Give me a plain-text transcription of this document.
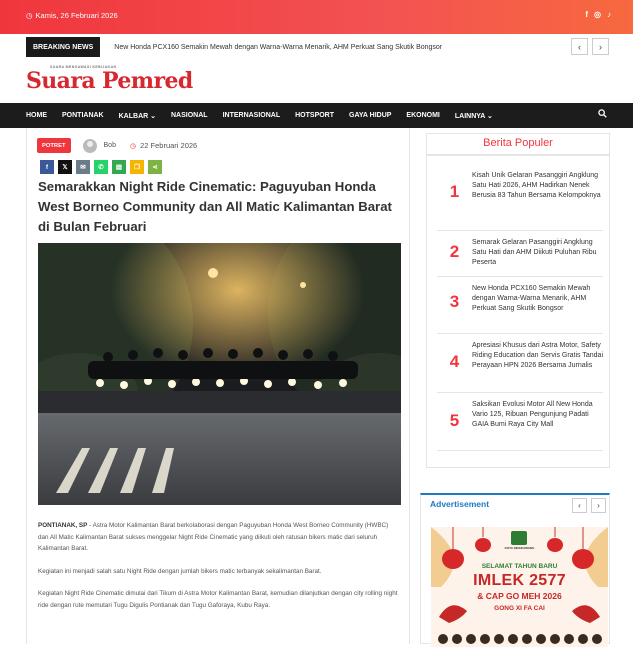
◷ Kamis, 26 Februari 2026	f ◎ ♪
BREAKING NEWS	New Honda PCX160 Semakin Mewah dengan Warna-Warna Menarik, AHM Perkuat Sang Skutik Bongsor	‹	›
SUARA MENGAWASI KEBIJAKAN
Suara Pemred
HOME PONTIANAK KALBAR ⌄ NASIONAL INTERNASIONAL HOTSPORT GAYA HIDUP EKONOMI LAINNYA ⌄
POTRET	Bob ◷ 22 Februari 2026
f	𝕏	✉	✆	▤	❐	⋖
Semarakkan Night Ride Cinematic: Paguyuban Honda West Borneo Community dan All Matic Kalimantan Barat di Bulan Februari

PONTIANAK, SP - Astra Motor Kalimantan Barat berkolaborasi dengan Paguyuban Honda West Borneo Community (HWBC) dan All Matic Kalimantan Barat sukses menggelar Night Ride Cinematic yang diikuti oleh ratusan bikers matic dari seluruh Kalimantan Barat.

Kegiatan ini menjadi salah satu Night Ride dengan jumlah bikers matic terbanyak sekalimantan Barat.

Kegiatan Night Ride Cinematic dimulai dari Tikum di Astra Motor Kalimantan Barat, kemudian dilanjutkan dengan city rolling night ride dengan rute memutari Tugu Digulis Pontianak dan Tugu Gaforaya, Kubu Raya.

Berita Populer
1
Kisah Unik Gelaran Pasanggiri Angklung Satu Hati 2026, AHM Hadirkan Nenek Berusia 83 Tahun Bersama Kelompoknya
2	Semarak Gelaran Pasanggiri Angklung Satu Hati dan AHM Diikuti Puluhan Ribu Peserta
3
New Honda PCX160 Semakin Mewah dengan Warna-Warna Menarik, AHM Perkuat Sang Skutik Bongsor
4
Apresiasi Khusus dari Astra Motor, Safety Riding Education dan Servis Gratis Tandai Perayaan HPN 2026 Bersama Jurnalis
5
Saksikan Evolusi Motor All New Honda Vario 125, Ribuan Pengunjung Padati GAIA Bumi Raya City Mall
Advertisement	‹	›
KOTA SINGKAWANG
SELAMAT TAHUN BARU
IMLEK 2577
& CAP GO MEH 2026
GONG XI FA CAI
